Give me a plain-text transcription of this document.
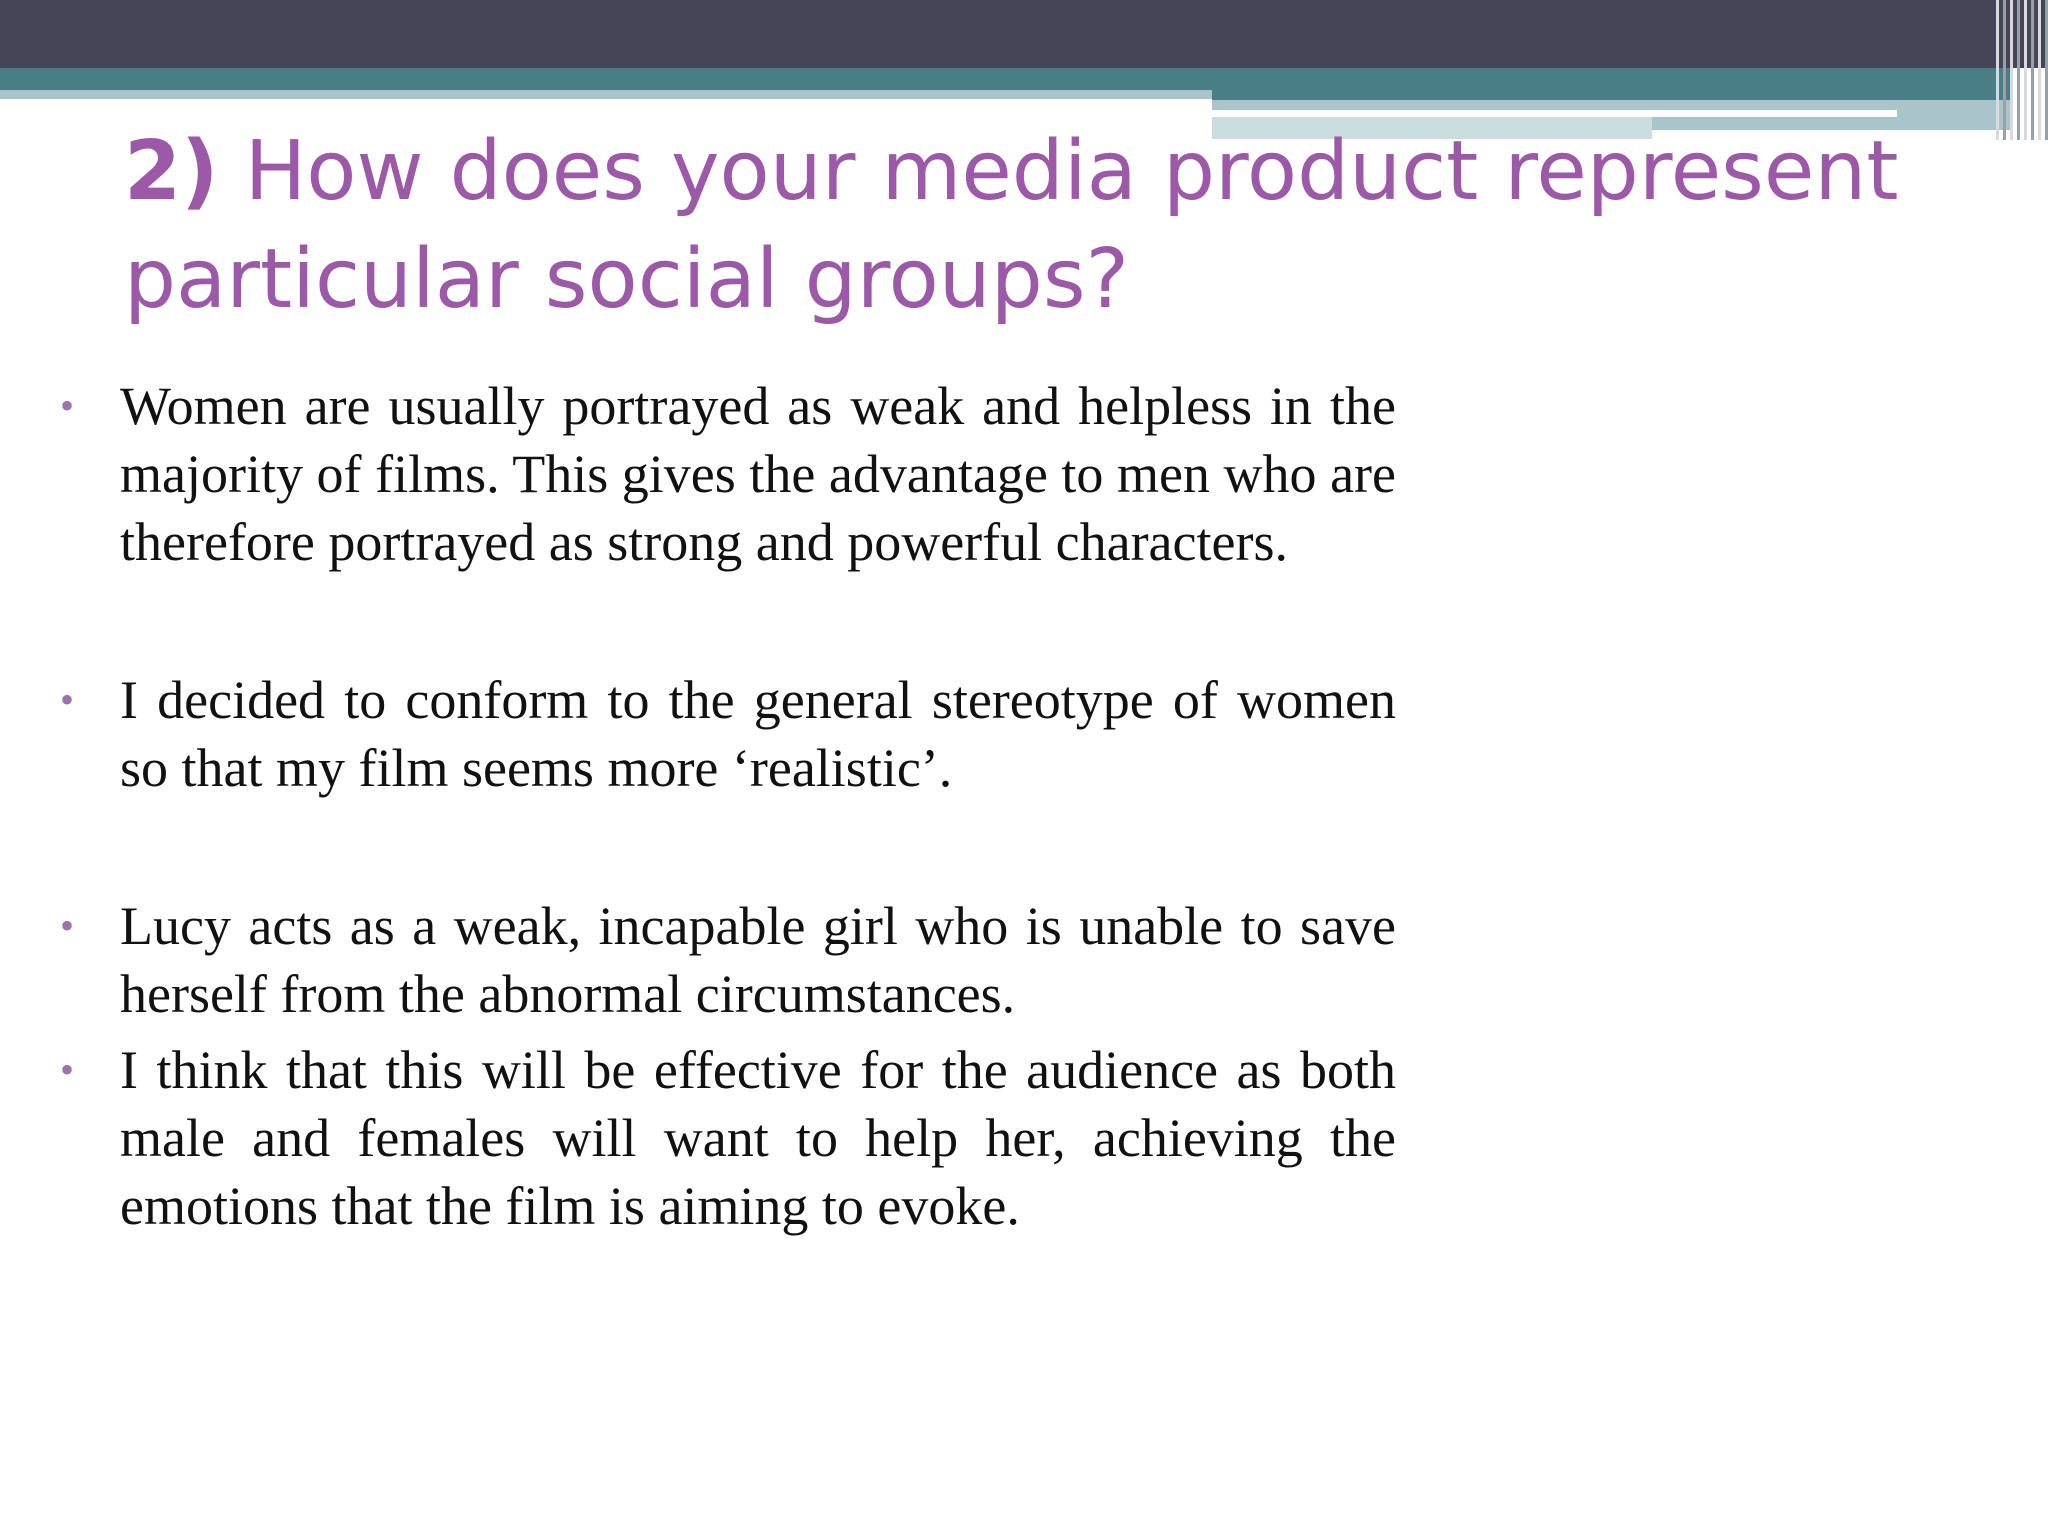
2) How does your media product represent particular social groups?
• Women are usually portrayed as weak and helpless in the majority of films. This gives the advantage to men who are therefore portrayed as strong and powerful characters.
• I decided to conform to the general stereotype of women so that my film seems more ‘realistic’.
• Lucy acts as a weak, incapable girl who is unable to save herself from the abnormal circumstances.
• I think that this will be effective for the audience as both male and females will want to help her, achieving the emotions that the film is aiming to evoke.
